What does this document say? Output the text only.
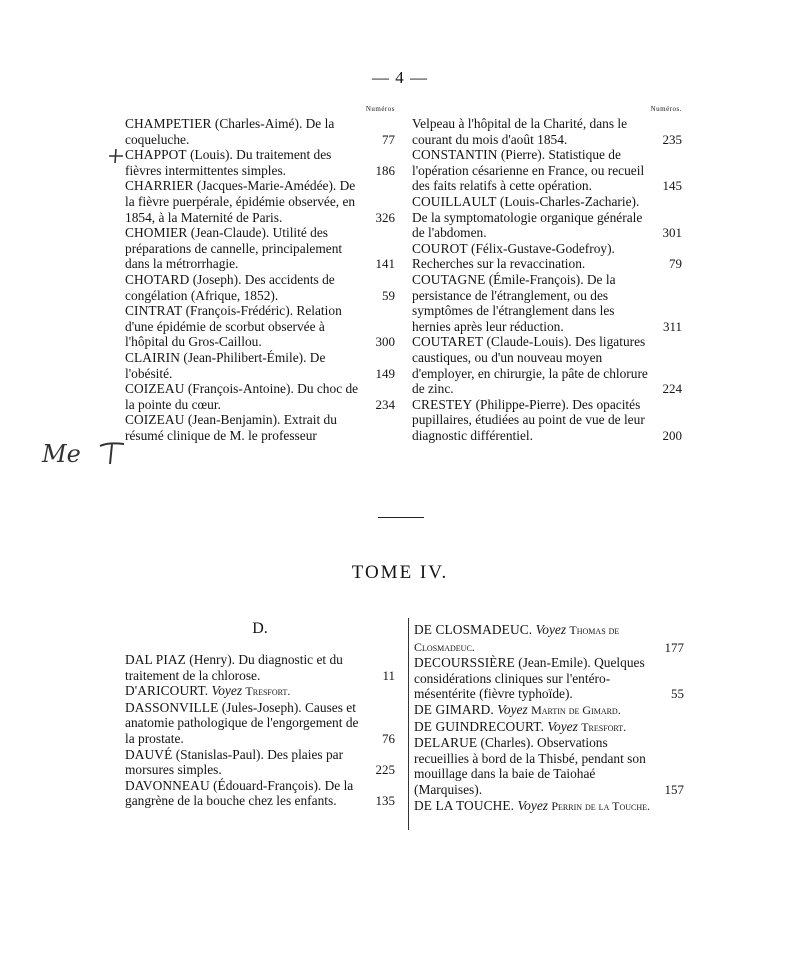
— 4 —
Numéros

CHAMPETIER (Charles-Aimé). De la coqueluche.	77

CHAPPOT (Louis). Du traitement des fièvres intermittentes simples.	186

CHARRIER (Jacques-Marie-Amédée). De la fièvre puerpérale, épidémie observée, en 1854, à la Maternité de Paris.	326

CHOMIER (Jean-Claude). Utilité des préparations de cannelle, principalement dans la métrorrhagie.	141

CHOTARD (Joseph). Des accidents de congélation (Afrique, 1852).	59

CINTRAT (François-Frédéric). Relation d'une épidémie de scorbut observée à l'hôpital du Gros-Caillou.	300

CLAIRIN (Jean-Philibert-Émile). De l'obésité.	149

COIZEAU (François-Antoine). Du choc de la pointe du cœur.	234

COIZEAU (Jean-Benjamin). Extrait du résumé clinique de M. le professeur

Numéros.

Velpeau à l'hôpital de la Charité, dans le courant du mois d'août 1854.	235

CONSTANTIN (Pierre). Statistique de l'opération césarienne en France, ou recueil des faits relatifs à cette opération.	145

COUILLAULT (Louis-Charles-Zacharie). De la symptomatologie organique générale de l'abdomen.	301

COUROT (Félix-Gustave-Godefroy). Recherches sur la revaccination.	79

COUTAGNE (Émile-François). De la persistance de l'étranglement, ou des symptômes de l'étranglement dans les hernies après leur réduction.	311

COUTARET (Claude-Louis). Des ligatures caustiques, ou d'un nouveau moyen d'employer, en chirurgie, la pâte de chlorure de zinc.	224

CRESTEY (Philippe-Pierre). Des opacités pupillaires, étudiées au point de vue de leur diagnostic différentiel.	200

Me
TOME IV.
D.

DAL PIAZ (Henry). Du diagnostic et du traitement de la chlorose.	11

D'ARICOURT. Voyez Tresfort.

DASSONVILLE (Jules-Joseph). Causes et anatomie pathologique de l'engorgement de la prostate.	76

DAUVÉ (Stanislas-Paul). Des plaies par morsures simples.	225

DAVONNEAU (Édouard-François). De la gangrène de la bouche chez les enfants.	135

DE CLOSMADEUC. Voyez Thomas de Closmadeuc.	177

DECOURSSIÈRE (Jean-Emile). Quelques considérations cliniques sur l'entéro-mésentérite (fièvre typhoïde).	55

DE GIMARD. Voyez Martin de Gimard.

DE GUINDRECOURT. Voyez Tresfort.

DELARUE (Charles). Observations recueillies à bord de la Thisbé, pendant son mouillage dans la baie de Taiohaé (Marquises).	157

DE LA TOUCHE. Voyez Perrin de la Touche.
